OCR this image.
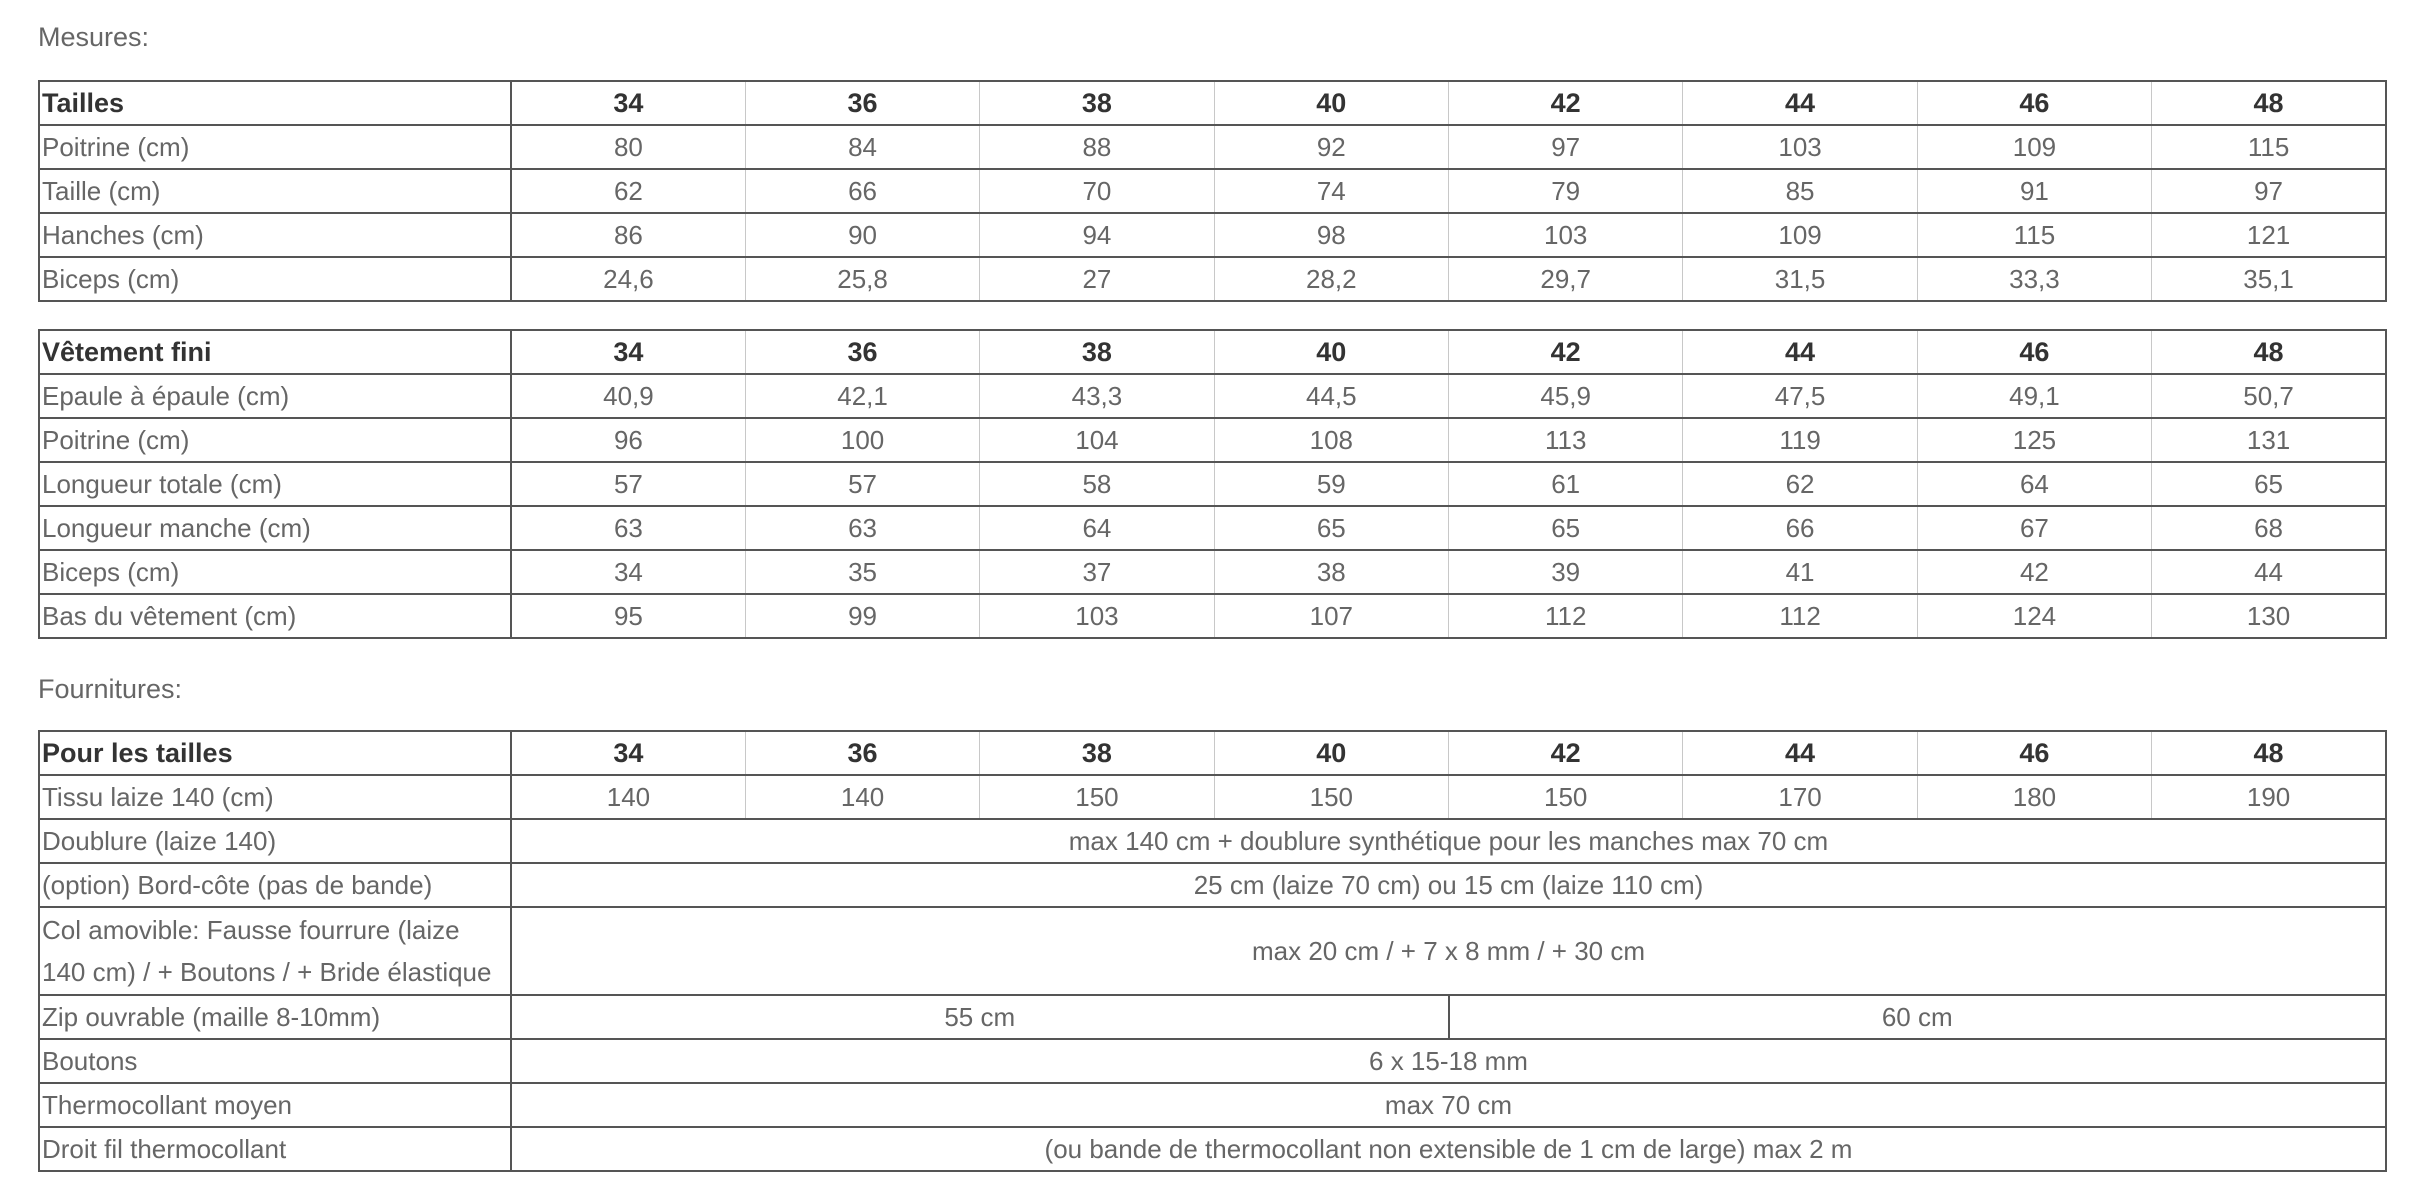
Mesures:
Tailles	34	36	38	40	42	44	46	48
Poitrine (cm)	80	84	88	92	97	103	109	115
Taille (cm)	62	66	70	74	79	85	91	97
Hanches (cm)	86	90	94	98	103	109	115	121
Biceps (cm)	24,6	25,8	27	28,2	29,7	31,5	33,3	35,1
Vêtement fini	34	36	38	40	42	44	46	48
Epaule à épaule (cm)	40,9	42,1	43,3	44,5	45,9	47,5	49,1	50,7
Poitrine (cm)	96	100	104	108	113	119	125	131
Longueur totale (cm)	57	57	58	59	61	62	64	65
Longueur manche (cm)	63	63	64	65	65	66	67	68
Biceps (cm)	34	35	37	38	39	41	42	44
Bas du vêtement (cm)	95	99	103	107	112	112	124	130
Fournitures:
Pour les tailles	34	36	38	40	42	44	46	48
Tissu laize 140 (cm)	140	140	150	150	150	170	180	190
Doublure (laize 140)	max 140 cm + doublure synthétique pour les manches max 70 cm							
(option) Bord-côte (pas de bande)	25 cm (laize 70 cm) ou 15 cm (laize 110 cm)							
Col amovible: Fausse fourrure (laize 140 cm) / + Boutons / + Bride élastique	max 20 cm / + 7 x 8 mm / + 30 cm							
Zip ouvrable (maille 8-10mm)	55 cm				60 cm			
Boutons	6 x 15-18 mm							
Thermocollant moyen	max 70 cm							
Droit fil thermocollant	(ou bande de thermocollant non extensible de 1 cm de large) max 2 m							
